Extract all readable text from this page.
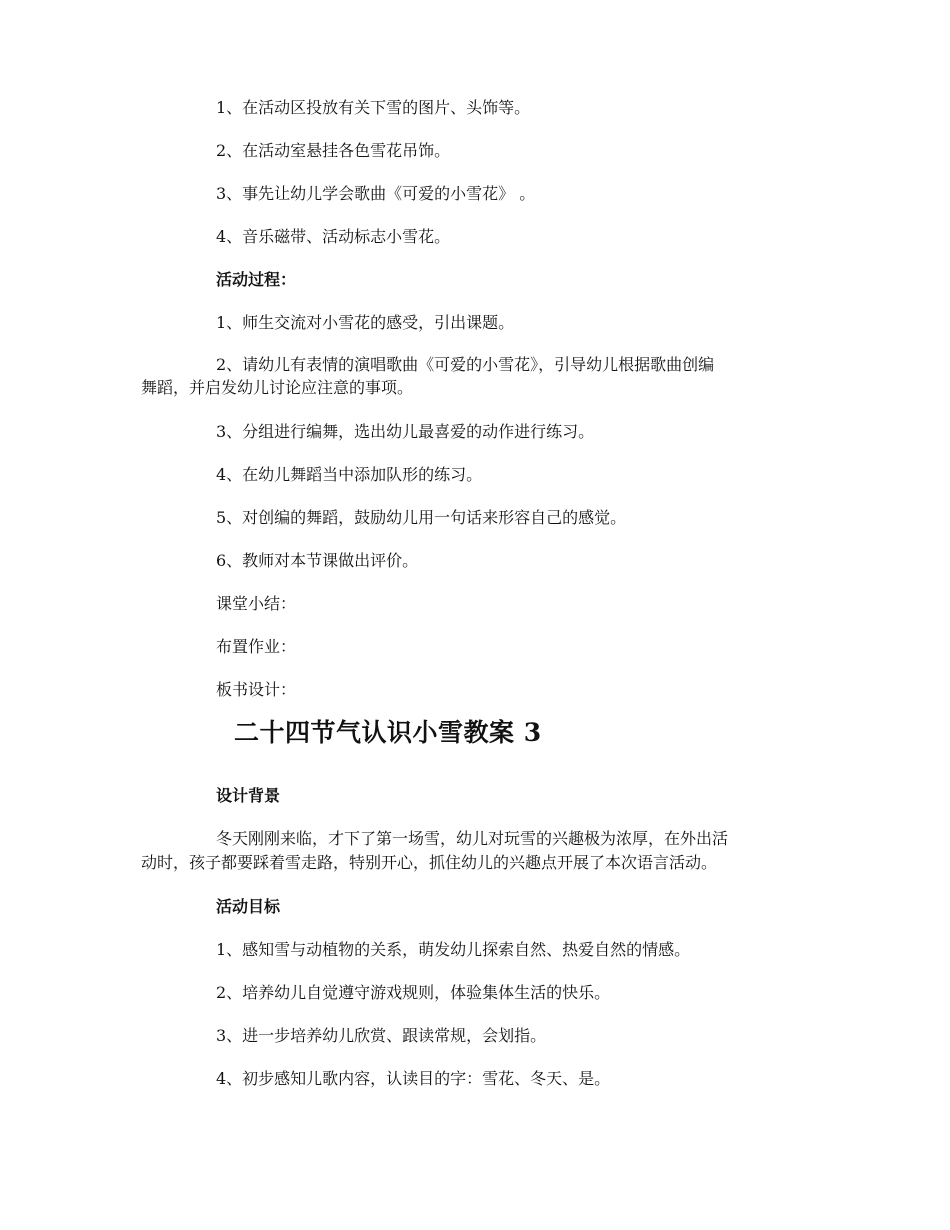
1、在活动区投放有关下雪的图片、头饰等。
2、在活动室悬挂各色雪花吊饰。
3、事先让幼儿学会歌曲《可爱的小雪花》 。
4、音乐磁带、活动标志小雪花。
活动过程：
1、师生交流对小雪花的感受，引出课题。
2、请幼儿有表情的演唱歌曲《可爱的小雪花》，引导幼儿根据歌曲创编
舞蹈，并启发幼儿讨论应注意的事项。
3、分组进行编舞，选出幼儿最喜爱的动作进行练习。
4、在幼儿舞蹈当中添加队形的练习。
5、对创编的舞蹈，鼓励幼儿用一句话来形容自己的感觉。
6、教师对本节课做出评价。
课堂小结：
布置作业：
板书设计：
二十四节气认识小雪教案 3
设计背景
冬天刚刚来临，才下了第一场雪，幼儿对玩雪的兴趣极为浓厚，在外出活
动时，孩子都要踩着雪走路，特别开心，抓住幼儿的兴趣点开展了本次语言活动。
活动目标
1、感知雪与动植物的关系，萌发幼儿探索自然、热爱自然的情感。
2、培养幼儿自觉遵守游戏规则，体验集体生活的快乐。
3、进一步培养幼儿欣赏、跟读常规，会划指。
4、初步感知儿歌内容，认读目的字：雪花、冬天、是。
